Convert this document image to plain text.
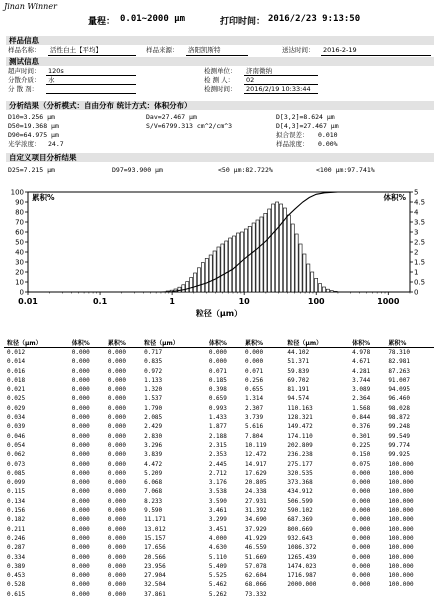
Jinan Winner
量程： 0.01~2000 μm	打印时间： 2016/2/23 9:13:50
样品信息
样品名称： 活性白土【平均】	样品来源： 洛阳凯斯特	送达时间： 2016-2-19
测试信息
超声时间： 120s
分散介质： 水
分 散 剂：
检测单位： 济南微纳
检 测 人： 02
检测时间： 2016/2/19 10:33:44
分析结果（分析模式：自由分布 统计方式：体积分布）
D10=3.256 μm	Dav=27.467 μm	D[3,2]=8.624 μm
D50=19.368 μm	S/V=6799.313 cm^2/cm^3	D[4,3]=27.467 μm
D90=64.975 μm	拟合误差： 0.010
光学浓度： 24.7	样品浓度： 0.00%
自定义项目分析结果
D25=7.215 μm	D97=93.900 μm	<50 μm:82.722%	<100 μm:97.741%
0
10
20
30
40
50
60
70
80
90
100
0
0.5
1
1.5
2
2.5
3
3.5
4
4.5
5
0.01	0.1	1	10	100	1000
累积%	体积%
粒径（μm）
粒径（μm）	体积%	累积%	粒径（μm）	体积%	累积%	粒径（μm）	体积%	累积%
0.012	0.000	0.000	0.717	0.000	0.000	44.102	4.978	78.310
0.014	0.000	0.000	0.835	0.000	0.000	51.371	4.671	82.981
0.016	0.000	0.000	0.972	0.071	0.071	59.839	4.281	87.263
0.018	0.000	0.000	1.133	0.185	0.256	69.702	3.744	91.007
0.021	0.000	0.000	1.320	0.398	0.655	81.191	3.089	94.095
0.025	0.000	0.000	1.537	0.659	1.314	94.574	2.364	96.460
0.029	0.000	0.000	1.790	0.993	2.307	110.163	1.568	98.028
0.034	0.000	0.000	2.085	1.433	3.739	128.321	0.844	98.872
0.039	0.000	0.000	2.429	1.877	5.616	149.472	0.376	99.248
0.046	0.000	0.000	2.830	2.188	7.804	174.110	0.301	99.549
0.054	0.000	0.000	3.296	2.315	10.119	202.809	0.225	99.774
0.062	0.000	0.000	3.839	2.353	12.472	236.238	0.150	99.925
0.073	0.000	0.000	4.472	2.445	14.917	275.177	0.075	100.000
0.085	0.000	0.000	5.209	2.712	17.629	320.535	0.000	100.000
0.099	0.000	0.000	6.068	3.176	20.805	373.368	0.000	100.000
0.115	0.000	0.000	7.068	3.538	24.338	434.912	0.000	100.000
0.134	0.000	0.000	8.233	3.590	27.931	506.599	0.000	100.000
0.156	0.000	0.000	9.590	3.461	31.392	590.102	0.000	100.000
0.182	0.000	0.000	11.171	3.299	34.690	687.369	0.000	100.000
0.211	0.000	0.000	13.012	3.451	37.929	800.669	0.000	100.000
0.246	0.000	0.000	15.157	4.000	41.929	932.643	0.000	100.000
0.287	0.000	0.000	17.656	4.630	46.559	1086.372	0.000	100.000
0.334	0.000	0.000	20.566	5.110	51.669	1265.439	0.000	100.000
0.389	0.000	0.000	23.956	5.409	57.078	1474.023	0.000	100.000
0.453	0.000	0.000	27.904	5.525	62.604	1716.987	0.000	100.000
0.528	0.000	0.000	32.504	5.462	68.066	2000.000	0.000	100.000
0.615	0.000	0.000	37.861	5.262	73.332			
